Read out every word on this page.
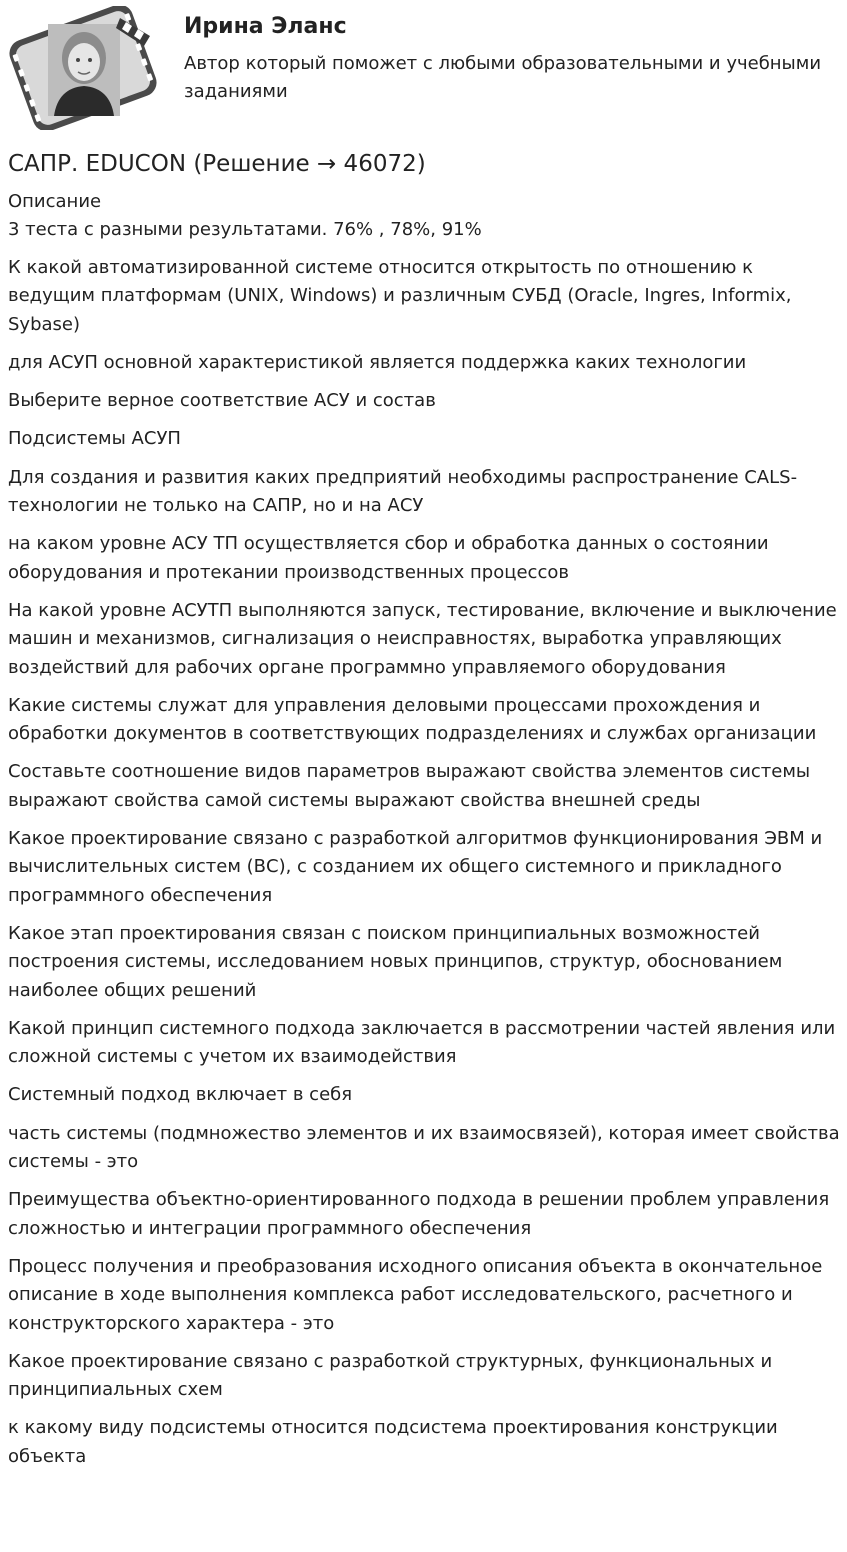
Ирина Эланс
Автор который поможет с любыми образовательными и учебными заданиями
САПР. EDUCON (Решение → 46072)
Описание
3 теста с разными результатами. 76% , 78%, 91%
К какой автоматизированной системе относится открытость по отношению к ведущим платформам (UNIX, Windows) и различным СУБД (Oracle, Ingres, Informix, Sybase)
для АСУП основной характеристикой является поддержка каких технологии
Выберите верное соответствие АСУ и состав
Подсистемы АСУП
Для создания и развития каких предприятий необходимы распространение CALS-технологии не только на САПР, но и на АСУ
на каком уровне АСУ ТП осуществляется сбор и обработка данных о состоянии оборудования и протекании производственных процессов
На какой уровне АСУТП выполняются запуск, тестирование, включение и выключение машин и механизмов, сигнализация о неисправностях, выработка управляющих воздействий для рабочих органе программно управляемого оборудования
Какие системы служат для управления деловыми процессами прохождения и обработки документов в соответствующих подразделениях и службах организации
Составьте соотношение видов параметров выражают свойства элементов системы выражают свойства самой системы выражают свойства внешней среды
Какое проектирование связано с разработкой алгоритмов функционирования ЭВМ и вычислительных систем (ВС), с созданием их общего системного и прикладного программного обеспечения
Какое этап проектирования связан с поиском принципиальных возможностей построения системы, исследованием новых принципов, структур, обоснованием наиболее общих решений
Какой принцип системного подхода заключается в рассмотрении частей явления или сложной системы с учетом их взаимодействия
Системный подход включает в себя
часть системы (подмножество элементов и их взаимосвязей), которая имеет свойства системы - это
Преимущества объектно-ориентированного подхода в решении проблем управления сложностью и интеграции программного обеспечения
Процесс получения и преобразования исходного описания объекта в окончательное описание в ходе выполнения комплекса работ исследовательского, расчетного и конструкторского характера - это
Какое проектирование связано с разработкой структурных, функциональных и принципиальных схем
к какому виду подсистемы относится подсистема проектирования конструкции объекта
